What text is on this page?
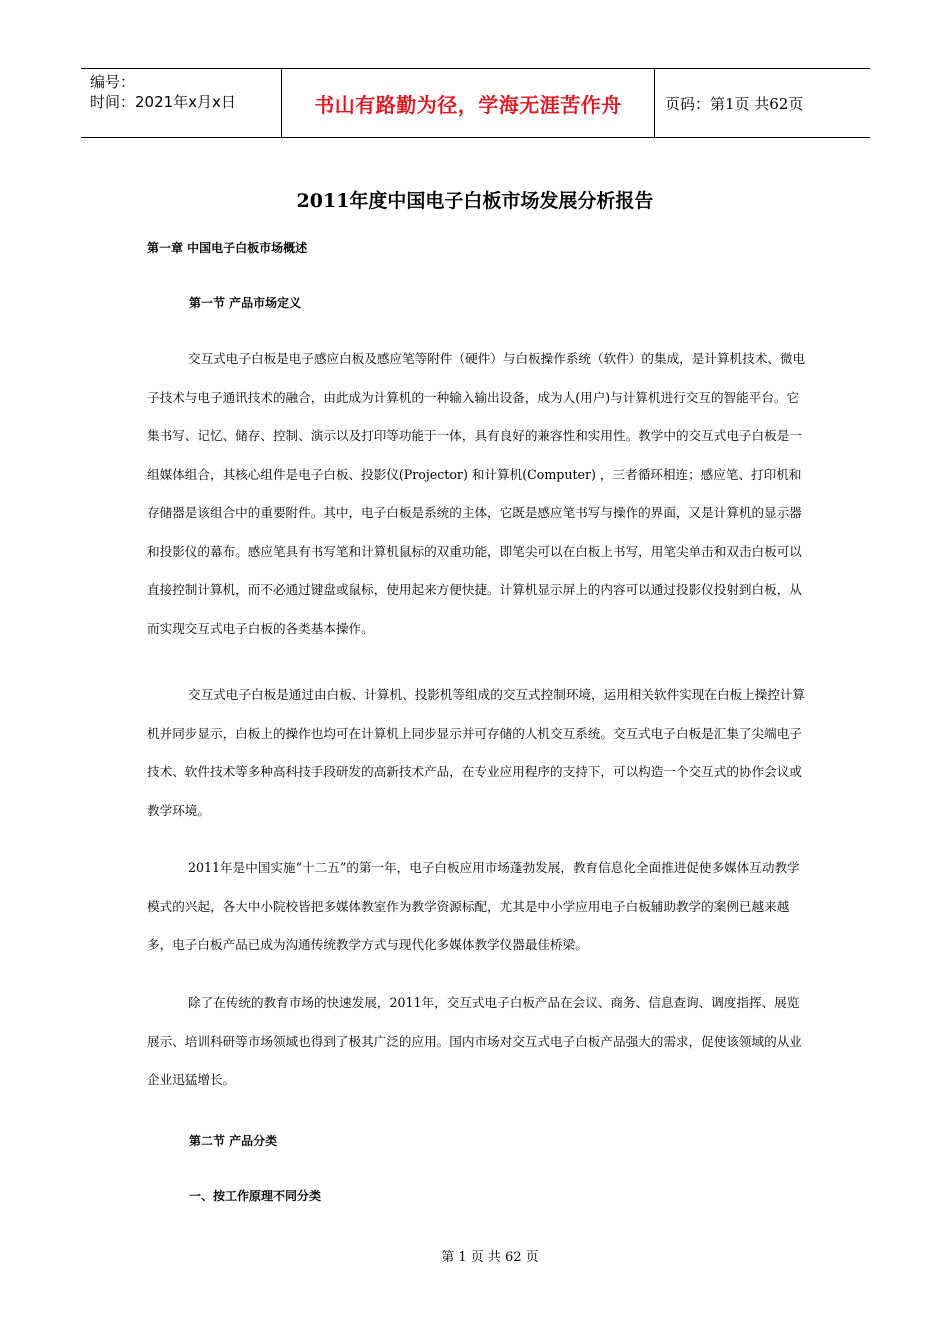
编号：
时间：2021年x月x日	书山有路勤为径，学海无涯苦作舟	页码：第1页 共62页
2011年度中国电子白板市场发展分析报告
第一章 中国电子白板市场概述
第一节 产品市场定义
交互式电子白板是电子感应白板及感应笔等附件（硬件）与白板操作系统（软件）的集成，是计算机技术、微电子技术与电子通讯技术的融合，由此成为计算机的一种输入输出设备，成为人(用户)与计算机进行交互的智能平台。它集书写、记忆、储存、控制、演示以及打印等功能于一体，具有良好的兼容性和实用性。教学中的交互式电子白板是一组媒体组合，其核心组件是电子白板、投影仪(Projector) 和计算机(Computer) ，三者循环相连；感应笔、打印机和存储器是该组合中的重要附件。其中，电子白板是系统的主体，它既是感应笔书写与操作的界面，又是计算机的显示器和投影仪的幕布。感应笔具有书写笔和计算机鼠标的双重功能，即笔尖可以在白板上书写，用笔尖单击和双击白板可以直接控制计算机，而不必通过键盘或鼠标，使用起来方便快捷。计算机显示屏上的内容可以通过投影仪投射到白板，从而实现交互式电子白板的各类基本操作。
交互式电子白板是通过由白板、计算机、投影机等组成的交互式控制环境，运用相关软件实现在白板上操控计算机并同步显示，白板上的操作也均可在计算机上同步显示并可存储的人机交互系统。交互式电子白板是汇集了尖端电子技术、软件技术等多种高科技手段研发的高新技术产品，在专业应用程序的支持下，可以构造一个交互式的协作会议或教学环境。
2011年是中国实施“十二五”的第一年，电子白板应用市场蓬勃发展，教育信息化全面推进促使多媒体互动教学模式的兴起，各大中小院校皆把多媒体教室作为教学资源标配，尤其是中小学应用电子白板辅助教学的案例已越来越多，电子白板产品已成为沟通传统教学方式与现代化多媒体教学仪器最佳桥梁。
除了在传统的教育市场的快速发展，2011年，交互式电子白板产品在会议、商务、信息查询、调度指挥、展览展示、培训科研等市场领域也得到了极其广泛的应用。国内市场对交互式电子白板产品强大的需求，促使该领域的从业企业迅猛增长。
第二节 产品分类
一、按工作原理不同分类
第 1 页 共 62 页
